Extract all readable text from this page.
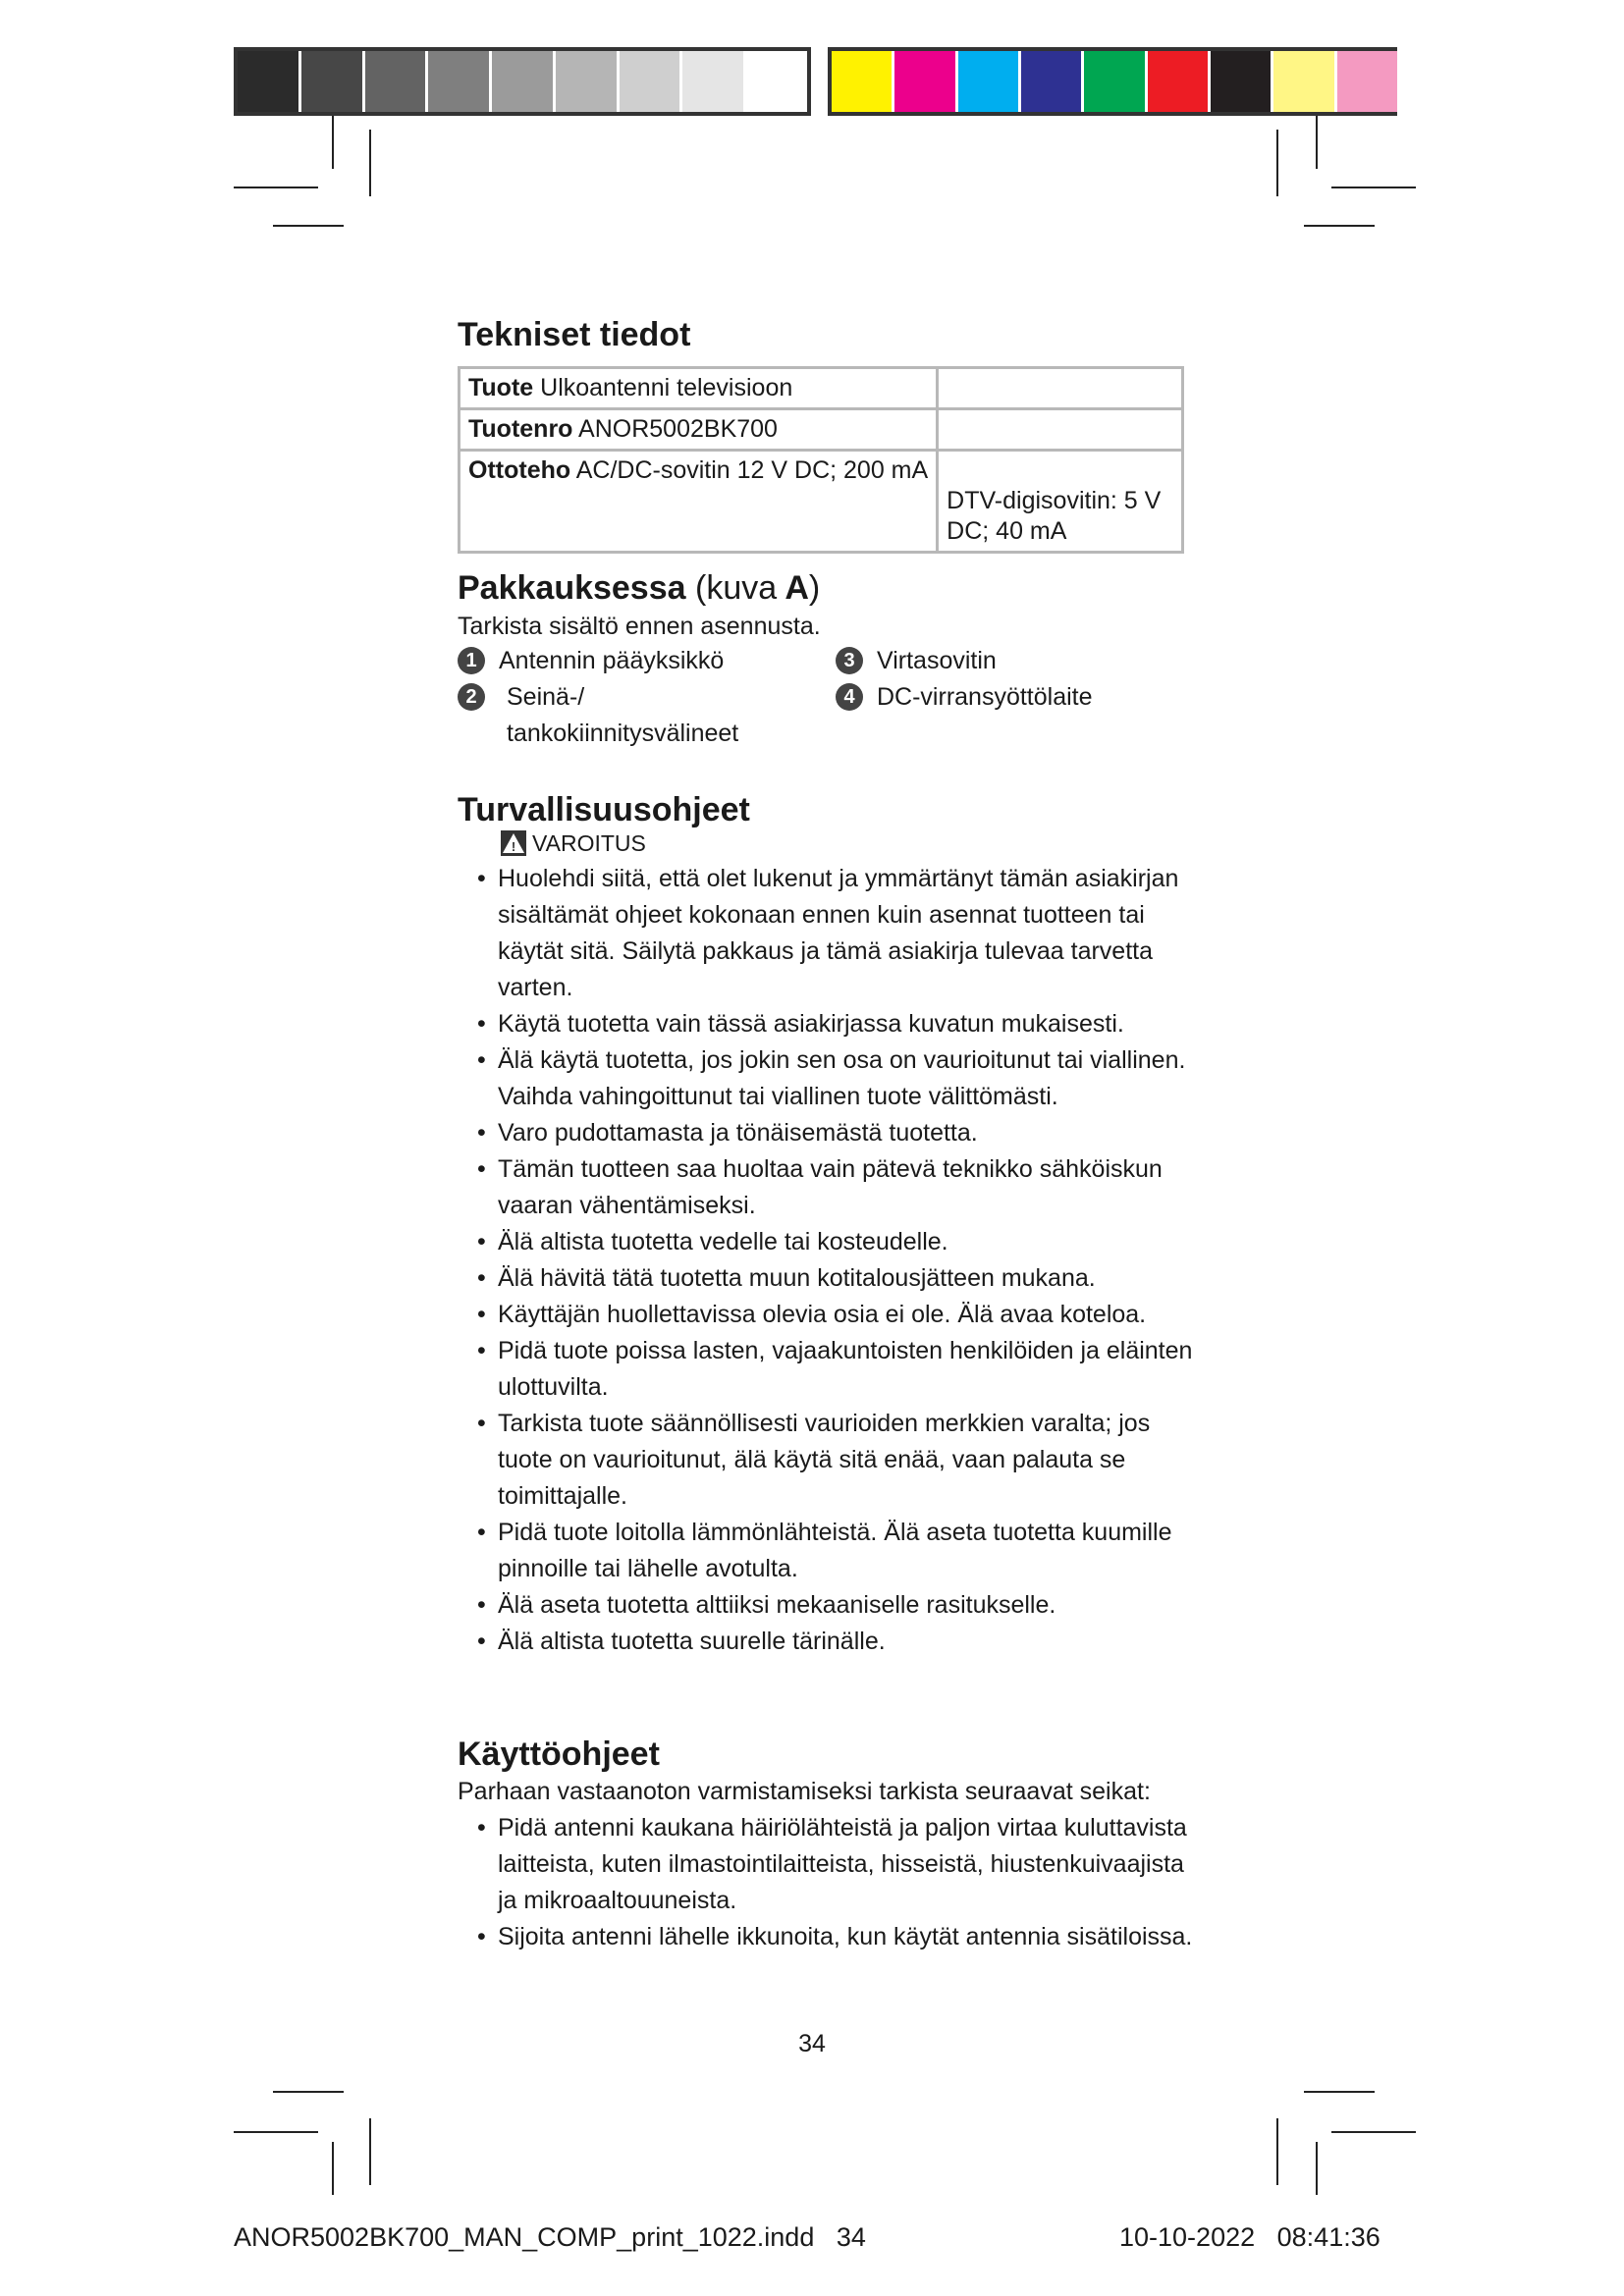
Tekniset tiedot
Tuote Ulkoantenni televisioon	
Tuotenro ANOR5002BK700	
Ottoteho AC/DC-sovitin 12 V DC; 200 mA	DTV-digisovitin: 5 V DC; 40 mA
Pakkauksessa (kuva A)

Tarkista sisältö ennen asennusta.

1 Antennin pääyksikkö	3 Virtasovitin
2	Seinä-/ tankokiinnitysvälineet
4 DC-virransyöttölaite
Turvallisuusohjeet
! VAROITUS
• Huolehdi siitä, että olet lukenut ja ymmärtänyt tämän asiakirjan sisältämät ohjeet kokonaan ennen kuin asennat tuotteen tai käytät sitä. Säilytä pakkaus ja tämä asiakirja tulevaa tarvetta varten.
• Käytä tuotetta vain tässä asiakirjassa kuvatun mukaisesti.
• Älä käytä tuotetta, jos jokin sen osa on vaurioitunut tai viallinen. Vaihda vahingoittunut tai viallinen tuote välittömästi.
• Varo pudottamasta ja tönäisemästä tuotetta.
• Tämän tuotteen saa huoltaa vain pätevä teknikko sähköiskun vaaran vähentämiseksi.
• Älä altista tuotetta vedelle tai kosteudelle.
• Älä hävitä tätä tuotetta muun kotitalousjätteen mukana.
• Käyttäjän huollettavissa olevia osia ei ole. Älä avaa koteloa.
• Pidä tuote poissa lasten, vajaakuntoisten henkilöiden ja eläinten ulottuvilta.
• Tarkista tuote säännöllisesti vaurioiden merkkien varalta; jos tuote on vaurioitunut, älä käytä sitä enää, vaan palauta se toimittajalle.
• Pidä tuote loitolla lämmönlähteistä. Älä aseta tuotetta kuumille pinnoille tai lähelle avotulta.
• Älä aseta tuotetta alttiiksi mekaaniselle rasitukselle.
• Älä altista tuotetta suurelle tärinälle.
Käyttöohjeet

Parhaan vastaanoton varmistamiseksi tarkista seuraavat seikat:

• Pidä antenni kaukana häiriölähteistä ja paljon virtaa kuluttavista laitteista, kuten ilmastointilaitteista, hisseistä, hiustenkuivaajista ja mikroaaltouuneista.
• Sijoita antenni lähelle ikkunoita, kun käytät antennia sisätiloissa.
34
ANOR5002BK700_MAN_COMP_print_1022.indd   34	10-10-2022 08:41:36
